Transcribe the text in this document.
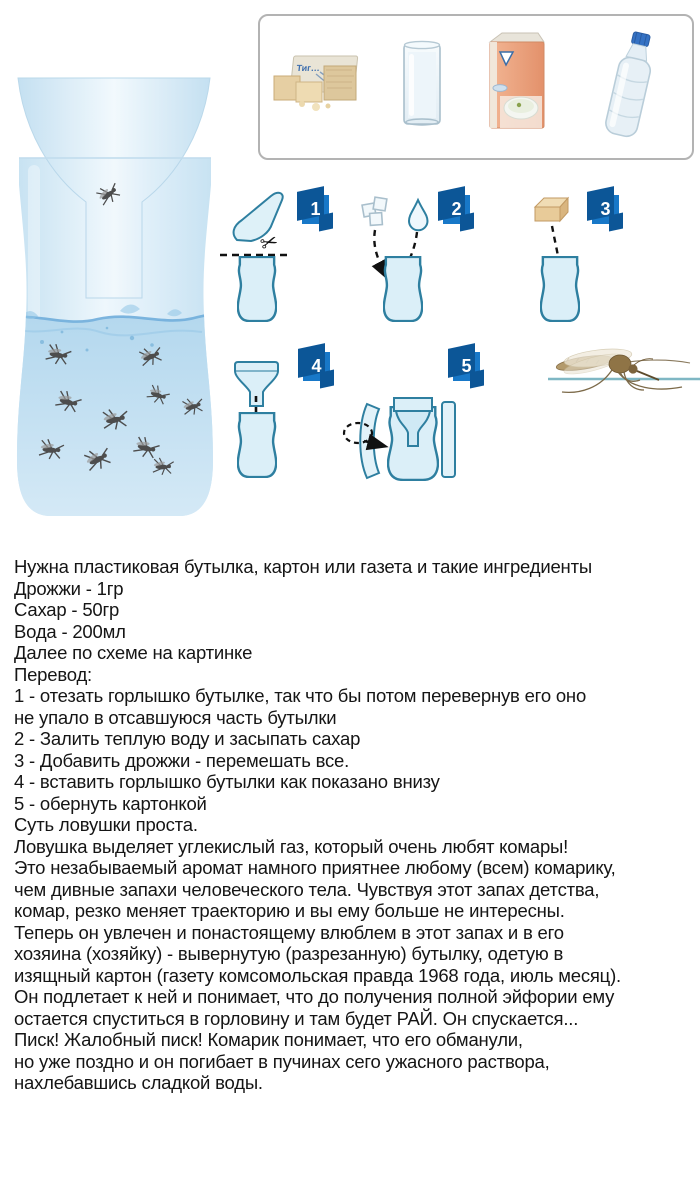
Тиг…
✂
1	2	3
4	5

Нужна пластиковая бутылка, картон или газета и такие ингредиенты

Дрожжи - 1гр

Сахар - 50гр

Вода - 200мл

Далее по схеме на картинке

Перевод:

1 - отезать горлышко бутылке, так что бы потом перевернув его оно

не упало в отсавшуюся часть бутылки

2 - Залить теплую воду и засыпать сахар

3 - Добавить дрожжи - перемешать все.

4 - вставить горлышко бутылки как показано внизу

5 - обернуть картонкой

Суть ловушки проста.

Ловушка выделяет углекислый газ, который очень любят комары!

Это незабываемый аромат намного приятнее любому (всем) комарику,

чем дивные запахи человеческого тела. Чувствуя этот запах детства,

комар, резко меняет траекторию и вы ему больше не интересны.

Теперь он увлечен и понастоящему влюблем в этот запах и в его

хозяина (хозяйку) - вывернутую (разрезанную) бутылку, одетую в

изящный картон (газету комсомольская правда 1968 года, июль месяц).

Он подлетает к ней и понимает, что до получения полной эйфории ему

остается спуститься в горловину и там будет РАЙ. Он спускается...

Писк! Жалобный писк! Комарик понимает, что его обманули,

но уже поздно и он погибает в пучинах сего ужасного раствора,

нахлебавшись сладкой воды.
